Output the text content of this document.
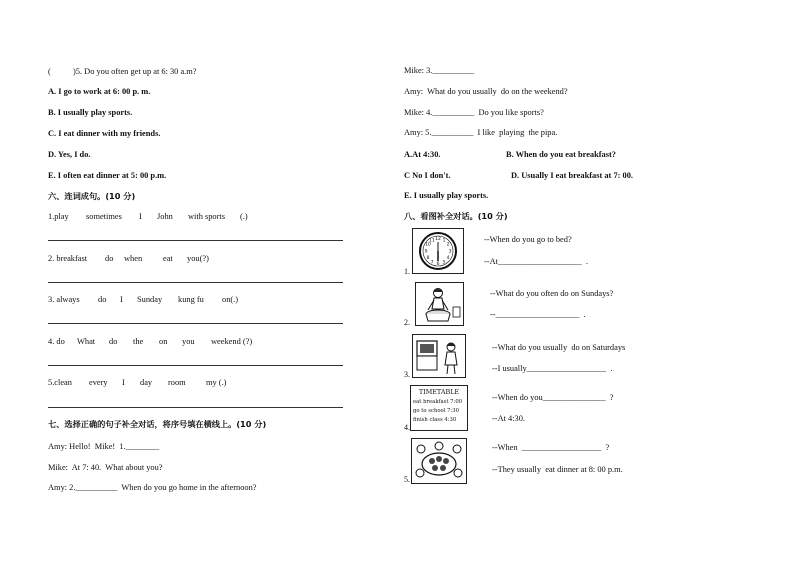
(	)5. Do you often get up at 6: 30 a.m?
A. I go to work at 6: 00 p. m.
B. I usually play sports.
C. I eat dinner with my friends.
D. Yes, I do.
E. I often eat dinner at 5: 00 p.m.
六、连词成句。(10 分)
1.play sometimes I John with sports (.)
2. breakfast do when eat you(?)
3. always do I Sunday kung fu on(.)
4. do What do the on you weekend (?)
5.clean every I day room my (.)
七、选择正确的句子补全对话，将序号填在横线上。(10 分)
Amy: Hello!  Mike!  1.________
Mike:  At 7: 40.  What about you?
Amy: 2.__________  When do you go home in the afternoon?
Mike: 3.__________
Amy:  What do you usually  do on the weekend?
Mike: 4.__________  Do you like sports?
Amy: 5.__________  I like  playing  the pipa.
A.At 4:30.	B. When do you eat breakfast?
C No I don't.	D. Usually I eat breakfast at 7: 00.
E. I usually play sports.
八、看图补全对话。(10 分)
1.
12 1
2
3
4
5
6
7
8
9
10
11	--When do you go to bed?
--At____________________  .
2.
--What do you often do on Sundays?
--____________________  .
3.
--What do you usually  do on Saturdays
--I usually___________________  .
4.
TIMETABLE
eat breakfast 7:00
go to school 7:30
finish class 4:30
--When do you_______________  ?
--At 4:30.
5.
--When  ___________________  ?
--They usually  eat dinner at 8: 00 p.m.
